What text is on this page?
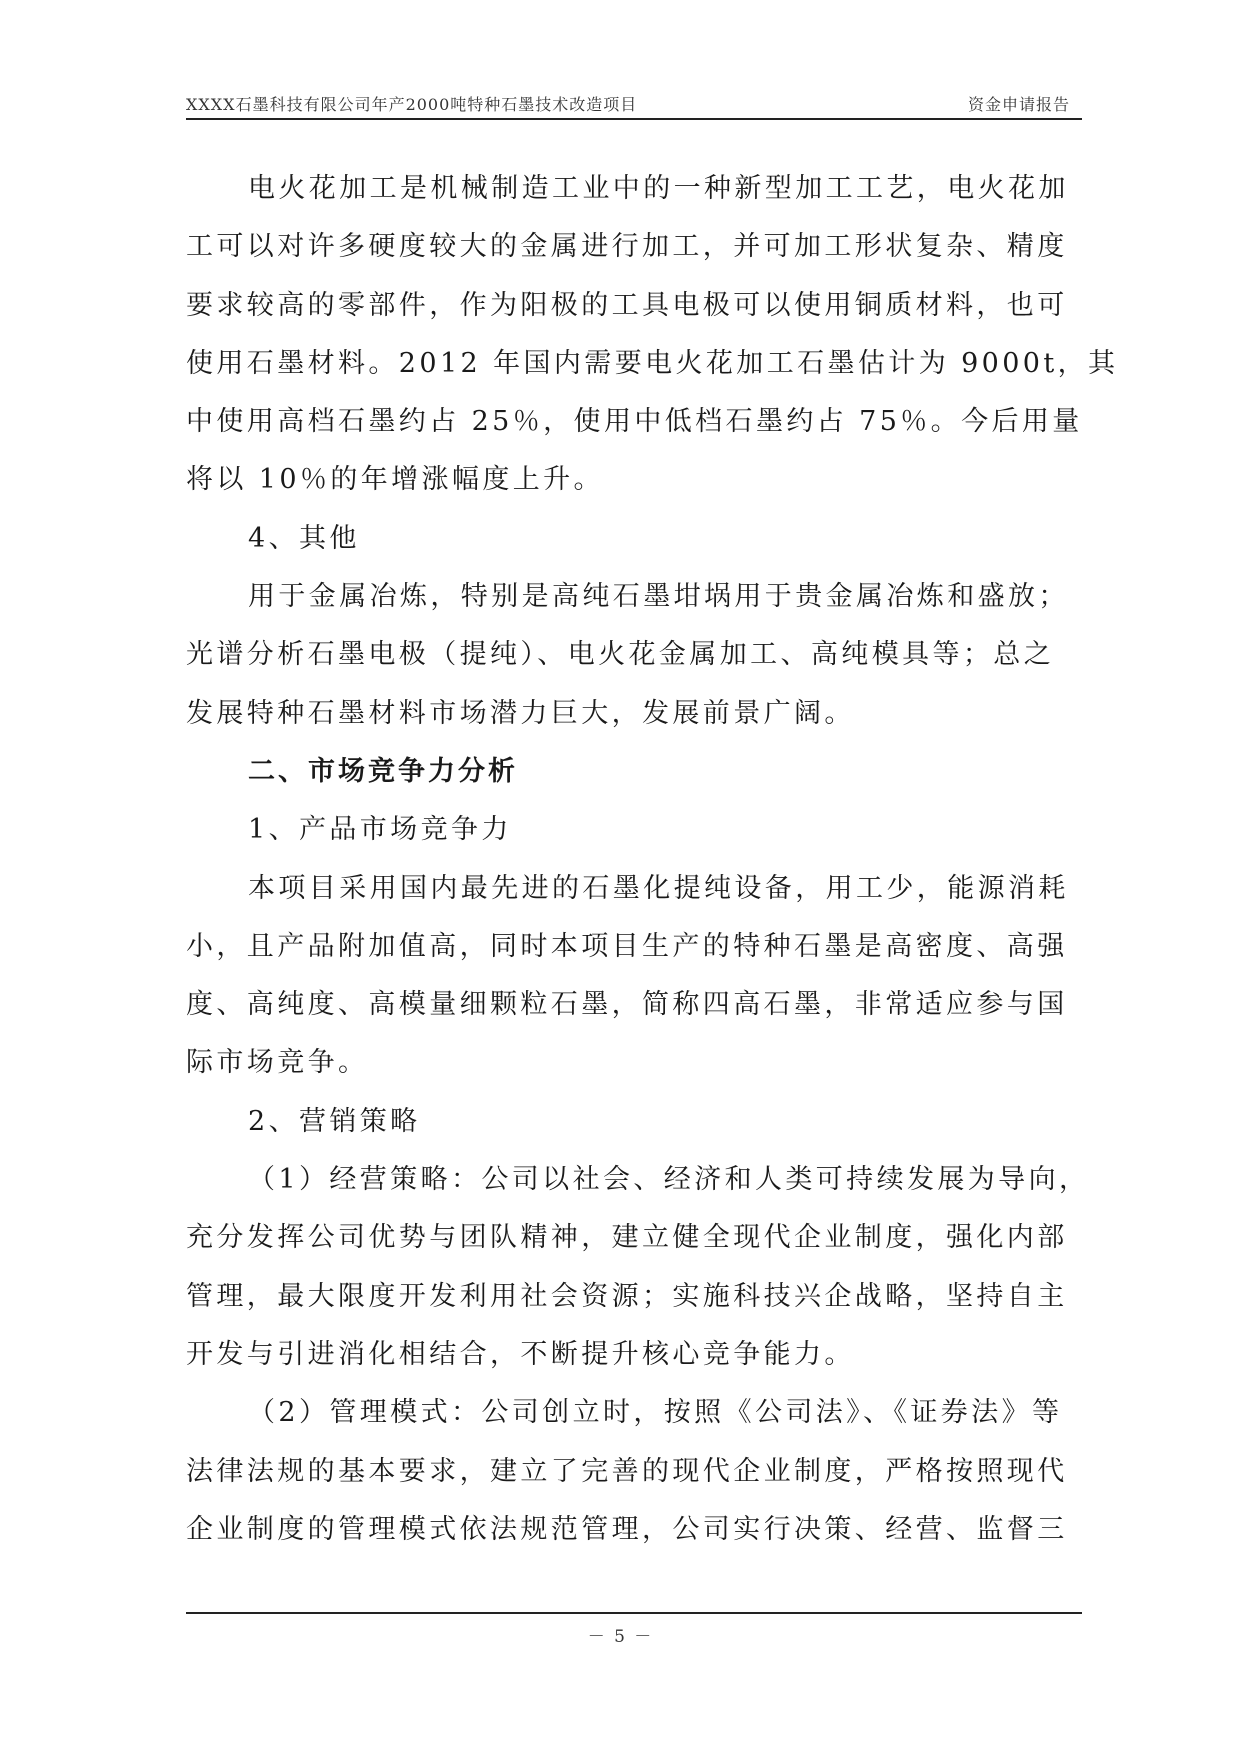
XXXX石墨科技有限公司年产2000吨特种石墨技术改造项目	资金申请报告
电火花加工是机械制造工业中的一种新型加工工艺，电火花加
工可以对许多硬度较大的金属进行加工，并可加工形状复杂、精度
要求较高的零部件，作为阳极的工具电极可以使用铜质材料，也可
使用石墨材料。2012 年国内需要电火花加工石墨估计为 9000t，其
中使用高档石墨约占 25％，使用中低档石墨约占 75％。今后用量
将以 10％的年增涨幅度上升。
4、其他
用于金属冶炼，特别是高纯石墨坩埚用于贵金属冶炼和盛放；
光谱分析石墨电极（提纯）、电火花金属加工、高纯模具等；总之
发展特种石墨材料市场潜力巨大，发展前景广阔。
二、市场竞争力分析
1、产品市场竞争力
本项目采用国内最先进的石墨化提纯设备，用工少，能源消耗
小，且产品附加值高，同时本项目生产的特种石墨是高密度、高强
度、高纯度、高模量细颗粒石墨，简称四高石墨，非常适应参与国
际市场竞争。
2、营销策略
（1）经营策略：公司以社会、经济和人类可持续发展为导向，
充分发挥公司优势与团队精神，建立健全现代企业制度，强化内部
管理，最大限度开发利用社会资源；实施科技兴企战略，坚持自主
开发与引进消化相结合，不断提升核心竞争能力。
（2）管理模式：公司创立时，按照《公司法》、《证券法》等
法律法规的基本要求，建立了完善的现代企业制度，严格按照现代
企业制度的管理模式依法规范管理，公司实行决策、经营、监督三
－ 5 －
